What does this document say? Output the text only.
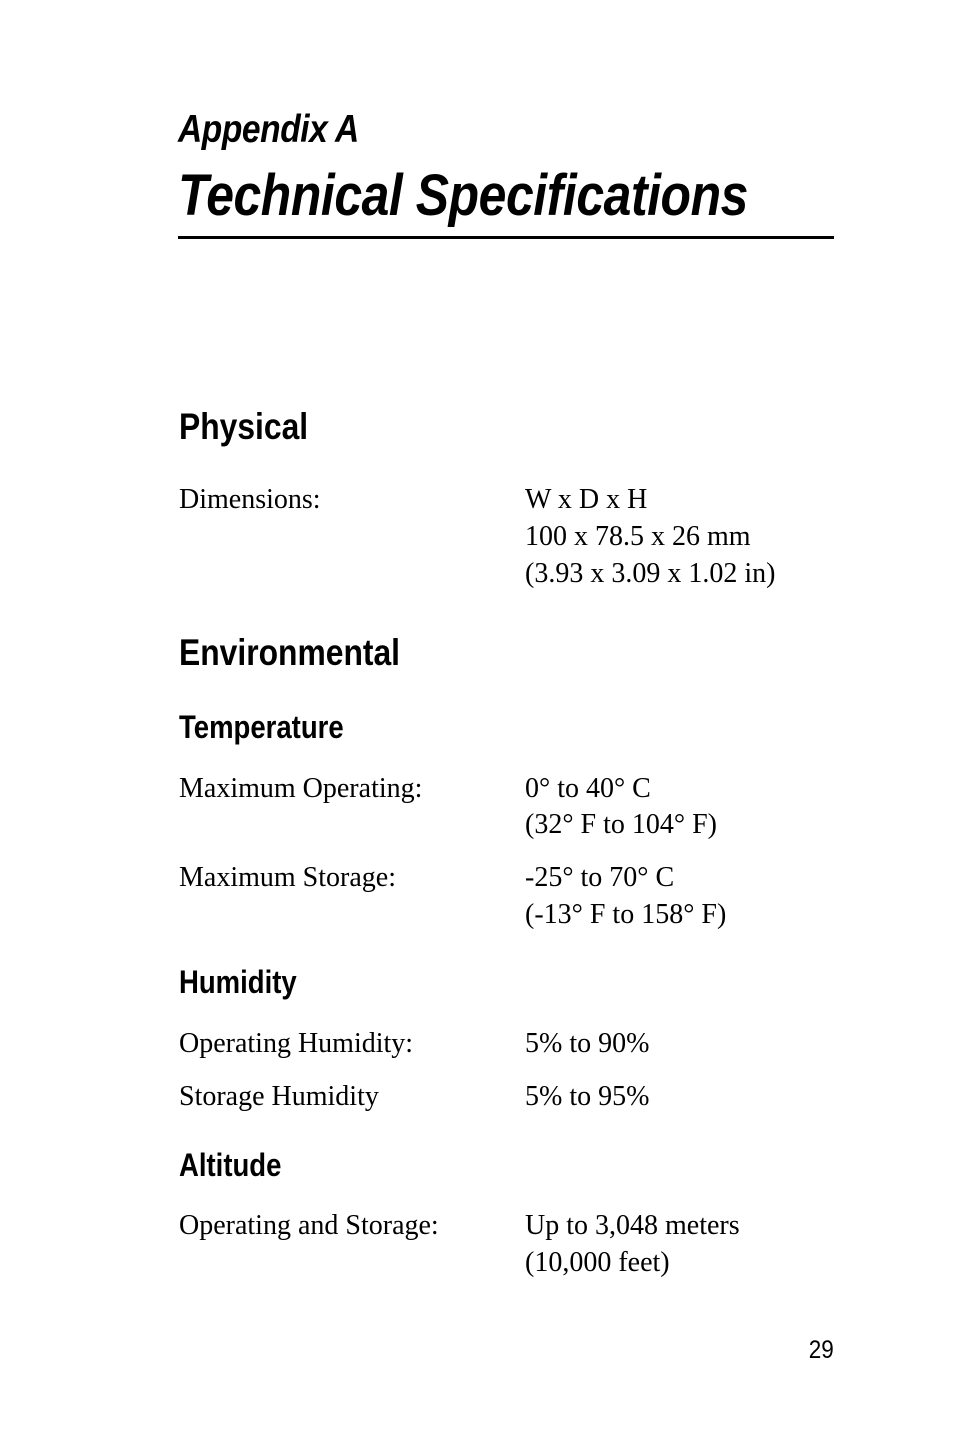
Appendix A
Technical Specifications
Physical
Dimensions:	W x D x H
100 x 78.5 x 26 mm
(3.93 x 3.09 x 1.02 in)
Environmental
Temperature
Maximum Operating:	0° to 40° C
(32° F to 104° F)
Maximum Storage:	-25° to 70° C
(-13° F to 158° F)
Humidity
Operating Humidity:	5% to 90%
Storage Humidity	5% to 95%
Altitude
Operating and Storage:	Up to 3,048 meters
(10,000 feet)
29
